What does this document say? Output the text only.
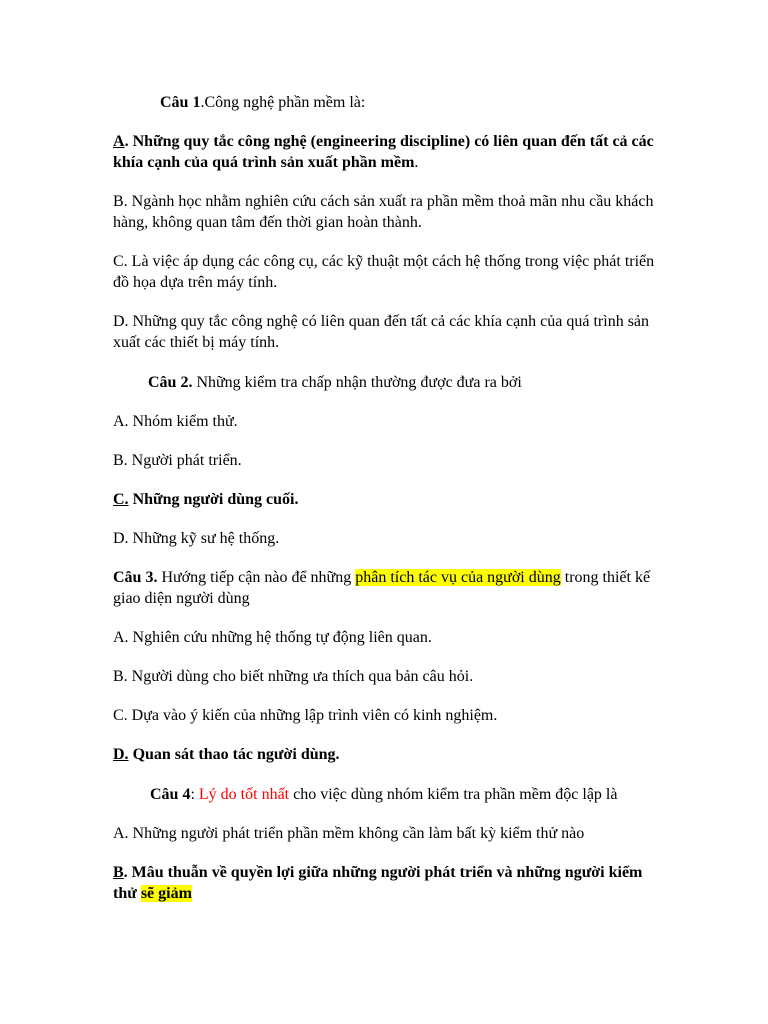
Câu 1.Công nghệ phần mềm là:

A. Những quy tắc công nghệ (engineering discipline) có liên quan đến tất cả các khía cạnh của quá trình sản xuất phần mềm.

B. Ngành học nhằm nghiên cứu cách sản xuất ra phần mềm thoả mãn nhu cầu khách hàng, không quan tâm đến thời gian hoàn thành.

C. Là việc áp dụng các công cụ, các kỹ thuật một cách hệ thống trong việc phát triển đồ họa dựa trên máy tính.

D. Những quy tắc công nghệ có liên quan đến tất cả các khía cạnh của quá trình sản xuất các thiết bị máy tính.

Câu 2. Những kiểm tra chấp nhận thường được đưa ra bởi

A. Nhóm kiểm thử.

B. Người phát triển.

C. Những người dùng cuối.

D. Những kỹ sư hệ thống.

Câu 3. Hướng tiếp cận nào để những phân tích tác vụ của người dùng trong thiết kế giao diện người dùng

A. Nghiên cứu những hệ thống tự động liên quan.

B. Người dùng cho biết những ưa thích qua bản câu hỏi.

C. Dựa vào ý kiến của những lập trình viên có kinh nghiệm.

D. Quan sát thao tác người dùng.

Câu 4: Lý do tốt nhất cho việc dùng nhóm kiểm tra phần mềm độc lập là

A. Những người phát triển phần mềm không cần làm bất kỳ kiểm thử nào

B. Mâu thuẫn về quyền lợi giữa những người phát triển và những người kiểm thử sẽ giảm
